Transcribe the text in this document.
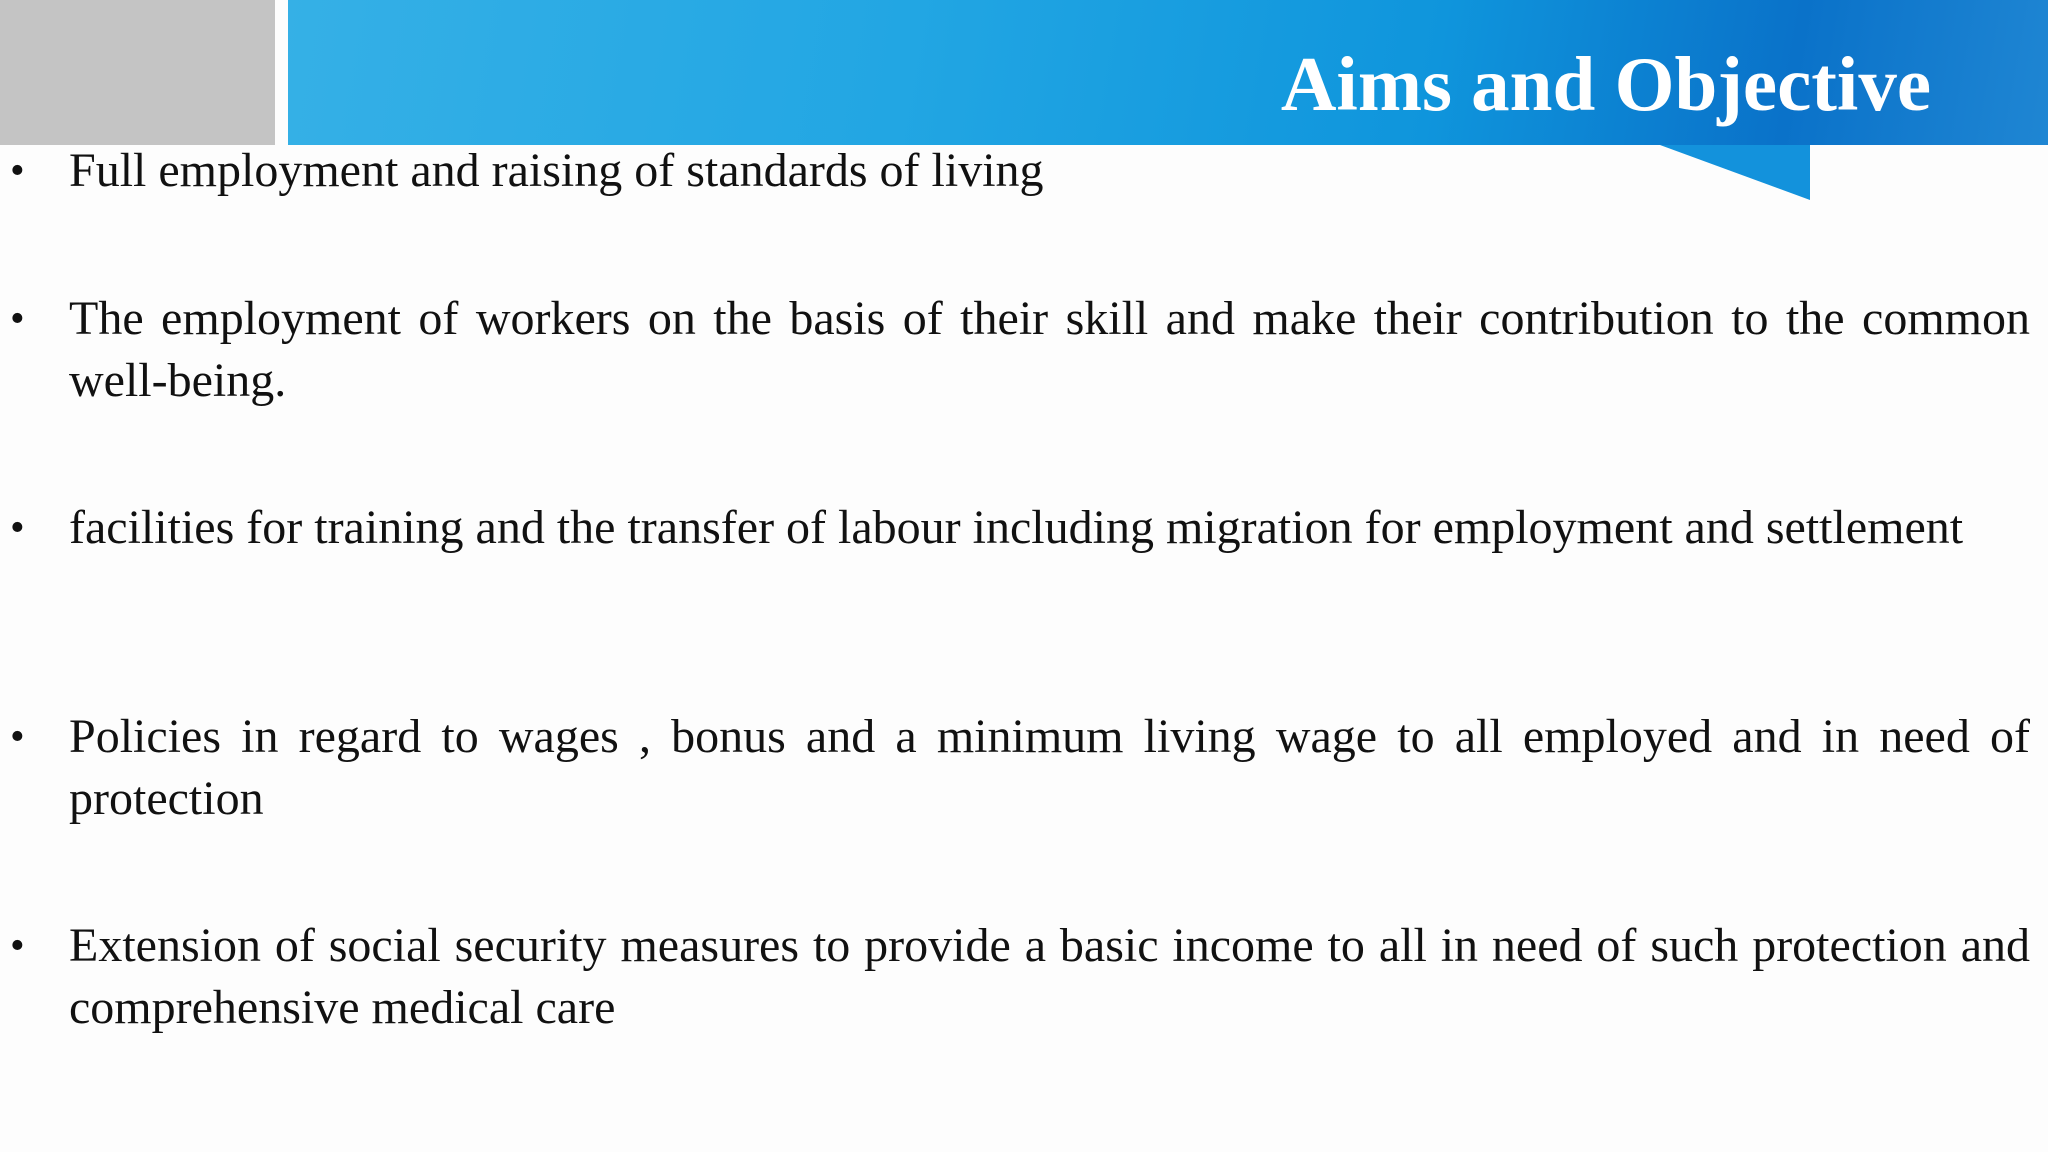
Aims and Objective
• Full employment and raising of standards of living
• The employment of workers on the basis of their skill and make their contribution to the common well-being.
• facilities for training and the transfer of labour including migration for employment and settlement
• Policies in regard to wages , bonus and a minimum living wage to all employed and in need of protection
• Extension of social security measures to provide a basic income to all in need of such protection and comprehensive medical care
